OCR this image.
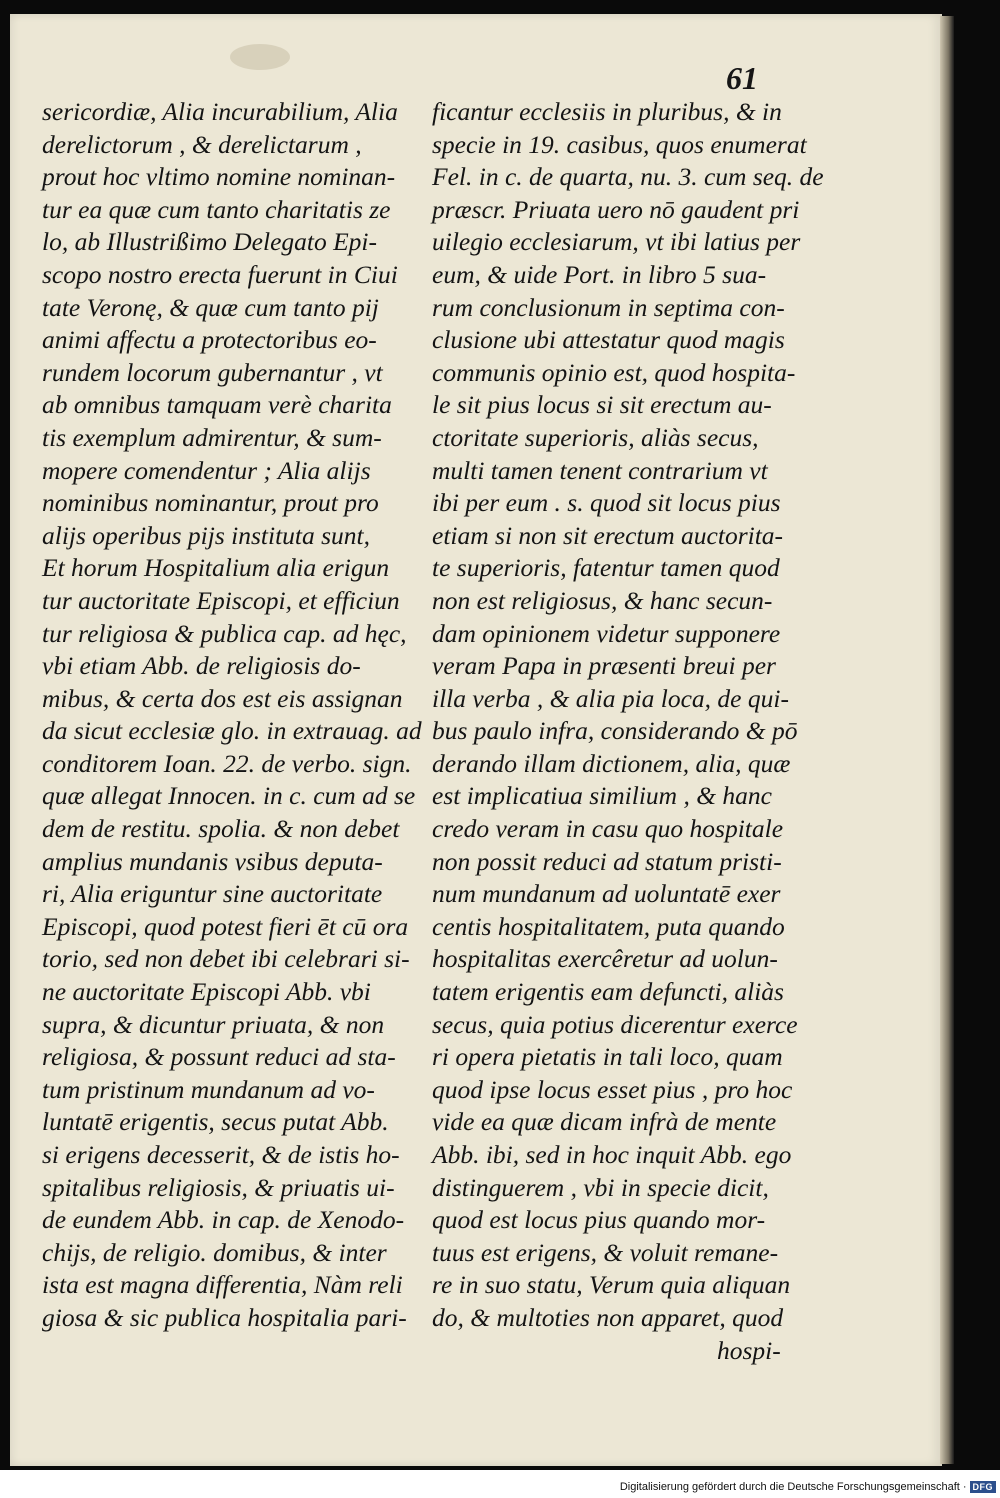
61
sericordiæ, Alia incurabilium, Alia
derelictorum , & derelictarum ,
prout hoc vltimo nomine nominan-
tur ea quæ cum tanto charitatis ze
lo, ab Illustrißimo Delegato Epi-
scopo nostro erecta fuerunt in Ciui
tate Veronę, & quæ cum tanto pij
animi affectu a protectoribus eo-
rundem locorum gubernantur , vt
ab omnibus tamquam verè charita
tis exemplum admirentur, & sum-
mopere comendentur ; Alia alijs
nominibus nominantur, prout pro
alijs operibus pijs instituta sunt,
Et horum Hospitalium alia erigun
tur auctoritate Episcopi, et efficiun
tur religiosa & publica cap. ad hęc,
vbi etiam Abb. de religiosis do-
mibus, & certa dos est eis assignan
da sicut ecclesiæ glo. in extrauag. ad
conditorem Ioan. 22. de verbo. sign.
quæ allegat Innocen. in c. cum ad se
dem de restitu. spolia. & non debet
amplius mundanis vsibus deputa-
ri, Alia eriguntur sine auctoritate
Episcopi, quod potest fieri ēt cū ora
torio, sed non debet ibi celebrari si-
ne auctoritate Episcopi Abb. vbi
supra, & dicuntur priuata, & non
religiosa, & possunt reduci ad sta-
tum pristinum mundanum ad vo-
luntatē erigentis, secus putat Abb.
si erigens decesserit, & de istis ho-
spitalibus religiosis, & priuatis ui-
de eundem Abb. in cap. de Xenodo-
chijs, de religio. domibus, & inter
ista est magna differentia, Nàm reli
giosa & sic publica hospitalia pari-
ficantur ecclesiis in pluribus, & in
specie in 19. casibus, quos enumerat
Fel. in c. de quarta, nu. 3. cum seq. de
præscr. Priuata uero nō gaudent pri
uilegio ecclesiarum, vt ibi latius per
eum, & uide Port. in libro 5 sua-
rum conclusionum in septima con-
clusione ubi attestatur quod magis
communis opinio est, quod hospita-
le sit pius locus si sit erectum au-
ctoritate superioris, aliàs secus,
multi tamen tenent contrarium vt
ibi per eum . s. quod sit locus pius
etiam si non sit erectum auctorita-
te superioris, fatentur tamen quod
non est religiosus, & hanc secun-
dam opinionem videtur supponere
veram Papa in præsenti breui per
illa verba , & alia pia loca, de qui-
bus paulo infra, considerando & pō
derando illam dictionem, alia, quæ
est implicatiua similium , & hanc
credo veram in casu quo hospitale
non possit reduci ad statum pristi-
num mundanum ad uoluntatē exer
centis hospitalitatem, puta quando
hospitalitas exercêretur ad uolun-
tatem erigentis eam defuncti, aliàs
secus, quia potius dicerentur exerce
ri opera pietatis in tali loco, quam
quod ipse locus esset pius , pro hoc
vide ea quæ dicam infrà de mente
Abb. ibi, sed in hoc inquit Abb. ego
distinguerem , vbi in specie dicit,
quod est locus pius quando mor-
tuus est erigens, & voluit remane-
re in suo statu, Verum quia aliquan
do, & multoties non apparet, quod
hospi-
Digitalisierung gefördert durch die Deutsche Forschungsgemeinschaft · DFG
